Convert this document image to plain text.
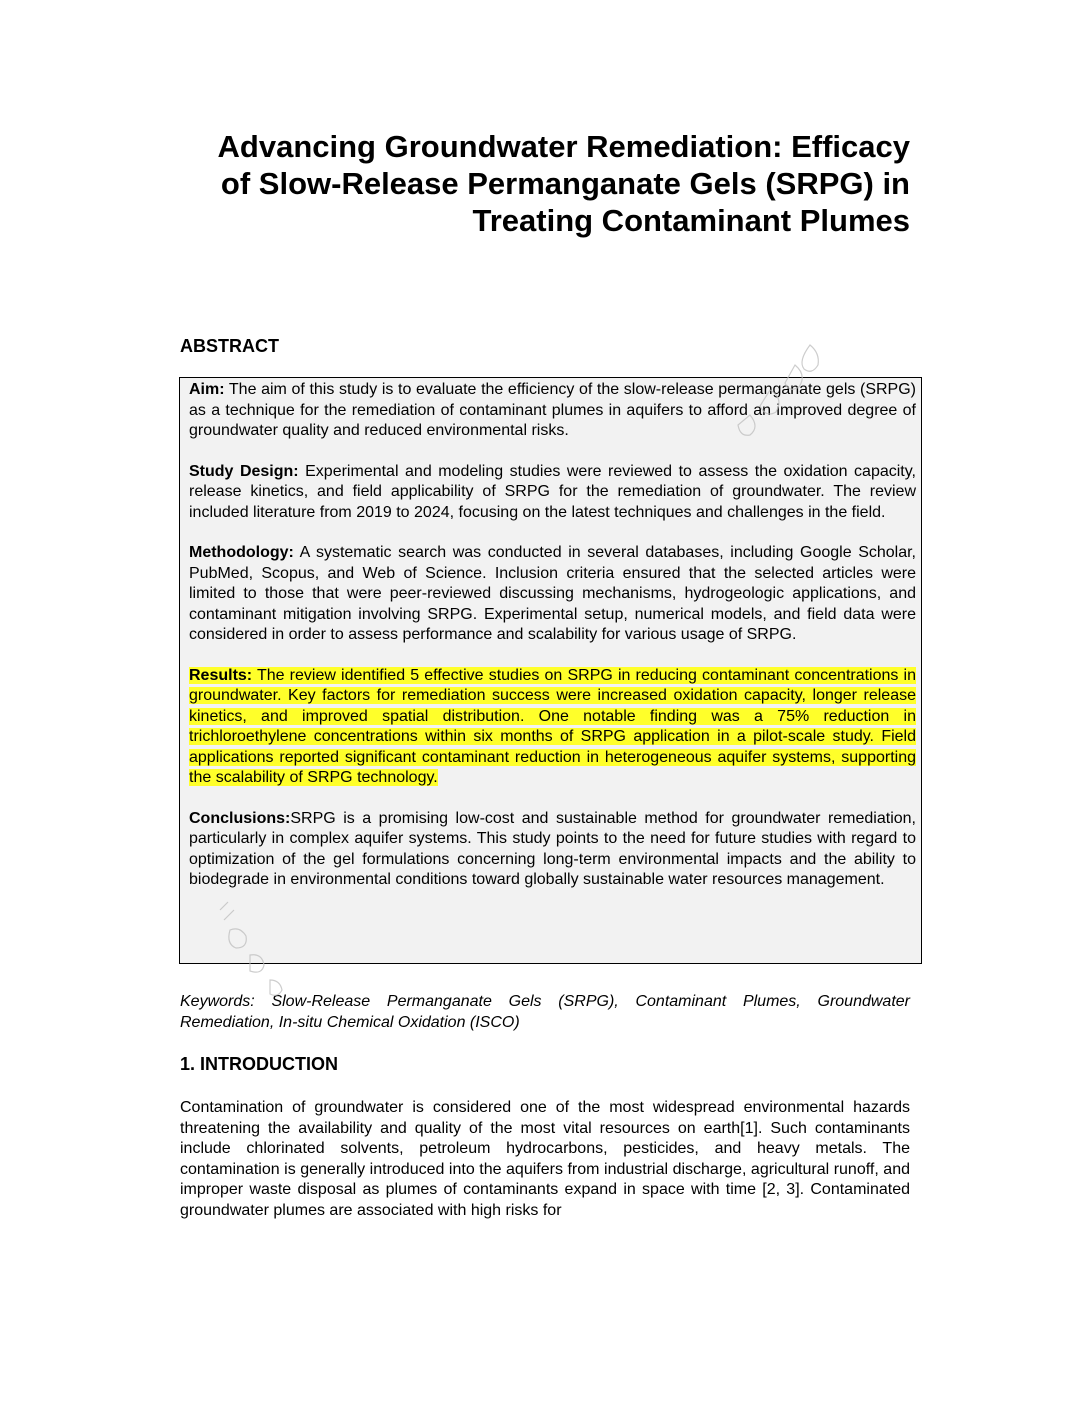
Advancing Groundwater Remediation: Efficacy
of Slow-Release Permanganate Gels (SRPG) in
Treating Contaminant Plumes
ABSTRACT

Aim: The aim of this study is to evaluate the efficiency of the slow-release permanganate gels (SRPG) as a technique for the remediation of contaminant plumes in aquifers to afford an improved degree of groundwater quality and reduced environmental risks.

Study Design: Experimental and modeling studies were reviewed to assess the oxidation capacity, release kinetics, and field applicability of SRPG for the remediation of groundwater. The review included literature from 2019 to 2024, focusing on the latest techniques and challenges in the field.

Methodology: A systematic search was conducted in several databases, including Google Scholar, PubMed, Scopus, and Web of Science. Inclusion criteria ensured that the selected articles were limited to those that were peer-reviewed discussing mechanisms, hydrogeologic applications, and contaminant mitigation involving SRPG. Experimental setup, numerical models, and field data were considered in order to assess performance and scalability for various usage of SRPG.

Results: The review identified 5 effective studies on SRPG in reducing contaminant concentrations in groundwater. Key factors for remediation success were increased oxidation capacity, longer release kinetics, and improved spatial distribution. One notable finding was a 75% reduction in trichloroethylene concentrations within six months of SRPG application in a pilot-scale study. Field applications reported significant contaminant reduction in heterogeneous aquifer systems, supporting the scalability of SRPG technology.

Conclusions:SRPG is a promising low-cost and sustainable method for groundwater remediation, particularly in complex aquifer systems. This study points to the need for future studies with regard to optimization of the gel formulations concerning long-term environmental impacts and the ability to biodegrade in environmental conditions toward globally sustainable water resources management.

Keywords: Slow-Release Permanganate Gels (SRPG), Contaminant Plumes, Groundwater Remediation, In-situ Chemical Oxidation (ISCO)

1. INTRODUCTION

Contamination of groundwater is considered one of the most widespread environmental hazards threatening the availability and quality of the most vital resources on earth[1]. Such contaminants include chlorinated solvents, petroleum hydrocarbons, pesticides, and heavy metals. The contamination is generally introduced into the aquifers from industrial discharge, agricultural runoff, and improper waste disposal as plumes of contaminants expand in space with time [2, 3]. Contaminated groundwater plumes are associated with high risks for
